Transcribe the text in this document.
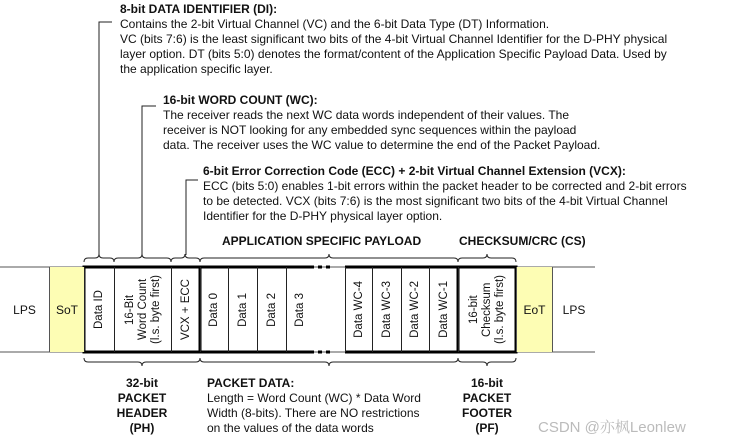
8-bit DATA IDENTIFIER (DI):
Contains the 2-bit Virtual Channel (VC) and the 6-bit Data Type (DT) Information.
VC (bits 7:6) is the least significant two bits of the 4-bit Virtual Channel Identifier for the D-PHY physical
layer option. DT (bits 5:0) denotes the format/content of the Application Specific Payload Data. Used by
the application specific layer.
16-bit WORD COUNT (WC):
The receiver reads the next WC data words independent of their values. The
receiver is NOT looking for any embedded sync sequences within the payload
data. The receiver uses the WC value to determine the end of the Packet Payload.
6-bit Error Correction Code (ECC) + 2-bit Virtual Channel Extension (VCX):
ECC (bits 5:0) enables 1-bit errors within the packet header to be corrected and 2-bit errors
to be detected. VCX (bits 7:6) is the most significant two bits of the 4-bit Virtual Channel
Identifier for the D-PHY physical layer option.
APPLICATION SPECIFIC PAYLOAD	CHECKSUM/CRC (CS)
LPS SoT Data ID 16-Bit
Word Count
(l.s. byte first) VCX + ECC Data 0 Data 1 Data 2 Data 3	Data WC-4 Data WC-3 Data WC-2 Data WC-1 16-bit
Checksum
(l.s. byte first)
EoT LPS
32-bit
PACKET
HEADER
(PH)
PACKET DATA:
Length = Word Count (WC) * Data Word
Width (8-bits). There are NO restrictions
on the values of the data words
16-bit
PACKET
FOOTER
(PF)	CSDN @亦枫Leonlew
